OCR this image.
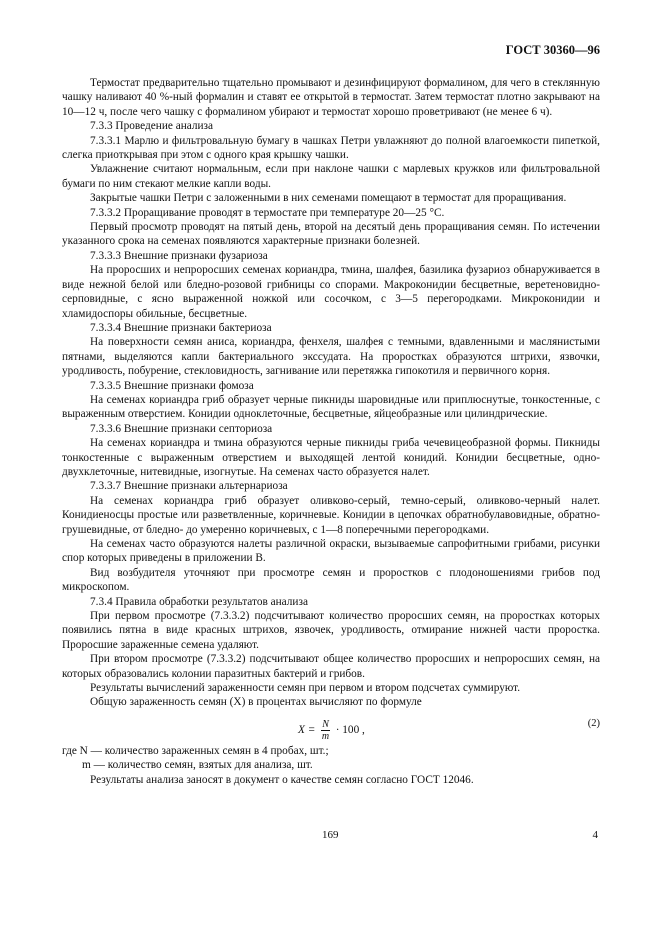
ГОСТ 30360—96

Термостат предварительно тщательно промывают и дезинфицируют формалином, для чего в стеклянную чашку наливают 40 %-ный формалин и ставят ее открытой в термостат. Затем термостат плотно закрывают на 10—12 ч, после чего чашку с формалином убирают и термостат хорошо проветривают (не менее 6 ч).

7.3.3 Проведение анализа

7.3.3.1 Марлю и фильтровальную бумагу в чашках Петри увлажняют до полной влагоемкости пипеткой, слегка приоткрывая при этом с одного края крышку чашки.

Увлажнение считают нормальным, если при наклоне чашки с марлевых кружков или фильтровальной бумаги по ним стекают мелкие капли воды.

Закрытые чашки Петри с заложенными в них семенами помещают в термостат для проращивания.

7.3.3.2 Проращивание проводят в термостате при температуре 20—25 °С.

Первый просмотр проводят на пятый день, второй на десятый день проращивания семян. По истечении указанного срока на семенах появляются характерные признаки болезней.

7.3.3.3 Внешние признаки фузариоза

На проросших и непроросших семенах кориандра, тмина, шалфея, базилика фузариоз обнаруживается в виде нежной белой или бледно-розовой грибницы со спорами. Макроконидии бесцветные, веретеновидно-серповидные, с ясно выраженной ножкой или сосочком, с 3—5 перегородками. Микроконидии и хламидоспоры обильные, бесцветные.

7.3.3.4 Внешние признаки бактериоза

На поверхности семян аниса, кориандра, фенхеля, шалфея с темными, вдавленными и маслянистыми пятнами, выделяются капли бактериального экссудата. На проростках образуются штрихи, язвочки, уродливость, побурение, стекловидность, загнивание или перетяжка гипокотиля и первичного корня.

7.3.3.5 Внешние признаки фомоза

На семенах кориандра гриб образует черные пикниды шаровидные или приплюснутые, тонкостенные, с выраженным отверстием. Конидии одноклеточные, бесцветные, яйцеобразные или цилиндрические.

7.3.3.6 Внешние признаки септориоза

На семенах кориандра и тмина образуются черные пикниды гриба чечевицеобразной формы. Пикниды тонкостенные с выраженным отверстием и выходящей лентой конидий. Конидии бесцветные, одно-двухклеточные, нитевидные, изогнутые. На семенах часто образуется налет.

7.3.3.7 Внешние признаки альтернариоза

На семенах кориандра гриб образует оливково-серый, темно-серый, оливково-черный налет. Конидиеносцы простые или разветвленные, коричневые. Конидии в цепочках обратнобулавовидные, обратно-грушевидные, от бледно- до умеренно коричневых, с 1—8 поперечными перегородками.

На семенах часто образуются налеты различной окраски, вызываемые сапрофитными грибами, рисунки спор которых приведены в приложении В.

Вид возбудителя уточняют при просмотре семян и проростков с плодоношениями грибов под микроскопом.

7.3.4 Правила обработки результатов анализа

При первом просмотре (7.3.3.2) подсчитывают количество проросших семян, на проростках которых появились пятна в виде красных штрихов, язвочек, уродливость, отмирание нижней части проростка. Проросшие зараженные семена удаляют.

При втором просмотре (7.3.3.2) подсчитывают общее количество проросших и непроросших семян, на которых образовались колонии паразитных бактерий и грибов.

Результаты вычислений зараженности семян при первом и втором подсчетах суммируют.

Общую зараженность семян (X) в процентах вычисляют по формуле

$X = \frac{N}{m} \cdot 100$ ,
(2)

где N — количество зараженных семян в 4 пробах, шт.;

m — количество семян, взятых для анализа, шт.

Результаты анализа заносят в документ о качестве семян согласно ГОСТ 12046.

169	4
